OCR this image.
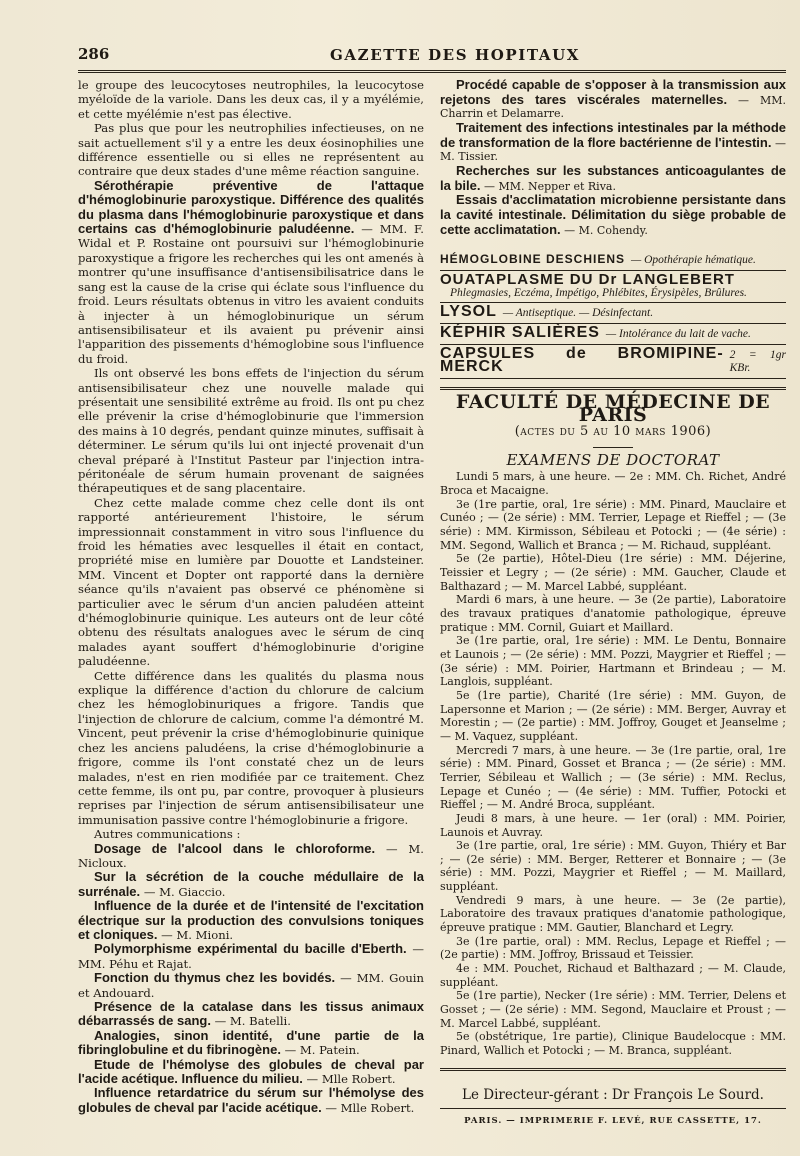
286	GAZETTE DES HOPITAUX

le groupe des leucocytoses neutrophiles, la leucocytose myéloïde de la variole. Dans les deux cas, il y a myélémie, et cette myélémie n'est pas élective.

Pas plus que pour les neutrophilies infectieuses, on ne sait actuellement s'il y a entre les deux éosinophilies une différence essentielle ou si elles ne représentent au contraire que deux stades d'une même réaction sanguine.

Sérothérapie préventive de l'attaque d'hémoglobinurie paroxystique. Différence des qualités du plasma dans l'hémoglobinurie paroxystique et dans certains cas d'hémoglobinurie paludéenne. — MM. F. Widal et P. Rostaine ont poursuivi sur l'hémoglobinurie paroxystique a frigore les recherches qui les ont amenés à montrer qu'une insuffisance d'antisensibilisatrice dans le sang est la cause de la crise qui éclate sous l'influence du froid. Leurs résultats obtenus in vitro les avaient conduits à injecter à un hémoglobinurique un sérum antisensibilisateur et ils avaient pu prévenir ainsi l'apparition des pissements d'hémoglobine sous l'influence du froid.

Ils ont observé les bons effets de l'injection du sérum antisensibilisateur chez une nouvelle malade qui présentait une sensibilité extrême au froid. Ils ont pu chez elle prévenir la crise d'hémoglobinurie que l'immersion des mains à 10 degrés, pendant quinze minutes, suffisait à déterminer. Le sérum qu'ils lui ont injecté provenait d'un cheval préparé à l'Institut Pasteur par l'injection intra-péritonéale de sérum humain provenant de saignées thérapeutiques et de sang placentaire.

Chez cette malade comme chez celle dont ils ont rapporté antérieurement l'histoire, le sérum impressionnait constamment in vitro sous l'influence du froid les hématies avec lesquelles il était en contact, propriété mise en lumière par Douotte et Landsteiner. MM. Vincent et Dopter ont rapporté dans la dernière séance qu'ils n'avaient pas observé ce phénomène si particulier avec le sérum d'un ancien paludéen atteint d'hémoglobinurie quinique. Les auteurs ont de leur côté obtenu des résultats analogues avec le sérum de cinq malades ayant souffert d'hémoglobinurie d'origine paludéenne.

Cette différence dans les qualités du plasma nous explique la différence d'action du chlorure de calcium chez les hémoglobinuriques a frigore. Tandis que l'injection de chlorure de calcium, comme l'a démontré M. Vincent, peut prévenir la crise d'hémoglobinurie quinique chez les anciens paludéens, la crise d'hémoglobinurie a frigore, comme ils l'ont constaté chez un de leurs malades, n'est en rien modifiée par ce traitement. Chez cette femme, ils ont pu, par contre, provoquer à plusieurs reprises par l'injection de sérum antisensibilisateur une immunisation passive contre l'hémoglobinurie a frigore.

Autres communications :

Dosage de l'alcool dans le chloroforme. — M. Nicloux.

Sur la sécrétion de la couche médullaire de la surrénale. — M. Giaccio.

Influence de la durée et de l'intensité de l'excitation électrique sur la production des convulsions toniques et cloniques. — M. Mioni.

Polymorphisme expérimental du bacille d'Eberth. — MM. Péhu et Rajat.

Fonction du thymus chez les bovidés. — MM. Gouin et Andouard.

Présence de la catalase dans les tissus animaux débarrassés de sang. — M. Batelli.

Analogies, sinon identité, d'une partie de la fibringlobuline et du fibrinogène. — M. Patein.

Etude de l'hémolyse des globules de cheval par l'acide acétique. Influence du milieu. — Mlle Robert.

Influence retardatrice du sérum sur l'hémolyse des globules de cheval par l'acide acétique. — Mlle Robert.

Procédé capable de s'opposer à la transmission aux rejetons des tares viscérales maternelles. — MM. Charrin et Delamarre.

Traitement des infections intestinales par la méthode de transformation de la flore bactérienne de l'intestin. — M. Tissier.

Recherches sur les substances anticoagulantes de la bile. — MM. Nepper et Riva.

Essais d'acclimatation microbienne persistante dans la cavité intestinale. Délimitation du siège probable de cette acclimatation. — M. Cohendy.

HÉMOGLOBINE DESCHIENS — Opothérapie hématique.
OUATAPLASME DU Dr LANGLEBERT
Phlegmasies, Eczéma, Impétigo, Phlébites, Érysipèles, Brûlures.
LYSOL — Antiseptique. — Désinfectant.
KÉPHIR SALIÈRES — Intolérance du lait de vache.
CAPSULES de BROMIPINE-MERCK
2 = 1gr KBr.
FACULTÉ DE MÉDECINE DE PARIS
(actes du 5 au 10 mars 1906)
EXAMENS DE DOCTORAT

Lundi 5 mars, à une heure. — 2e : MM. Ch. Richet, André Broca et Macaigne.

3e (1re partie, oral, 1re série) : MM. Pinard, Mauclaire et Cunéo ; — (2e série) : MM. Terrier, Lepage et Rieffel ; — (3e série) : MM. Kirmisson, Sébileau et Potocki ; — (4e série) : MM. Segond, Wallich et Branca ; — M. Richaud, suppléant.

5e (2e partie), Hôtel-Dieu (1re série) : MM. Déjerine, Teissier et Legry ; — (2e série) : MM. Gaucher, Claude et Balthazard ; — M. Marcel Labbé, suppléant.

Mardi 6 mars, à une heure. — 3e (2e partie), Laboratoire des travaux pratiques d'anatomie pathologique, épreuve pratique : MM. Cornil, Guiart et Maillard.

3e (1re partie, oral, 1re série) : MM. Le Dentu, Bonnaire et Launois ; — (2e série) : MM. Pozzi, Maygrier et Rieffel ; — (3e série) : MM. Poirier, Hartmann et Brindeau ; — M. Langlois, suppléant.

5e (1re partie), Charité (1re série) : MM. Guyon, de Lapersonne et Marion ; — (2e série) : MM. Berger, Auvray et Morestin ; — (2e partie) : MM. Joffroy, Gouget et Jeanselme ; — M. Vaquez, suppléant.

Mercredi 7 mars, à une heure. — 3e (1re partie, oral, 1re série) : MM. Pinard, Gosset et Branca ; — (2e série) : MM. Terrier, Sébileau et Wallich ; — (3e série) : MM. Reclus, Lepage et Cunéo ; — (4e série) : MM. Tuffier, Potocki et Rieffel ; — M. André Broca, suppléant.

Jeudi 8 mars, à une heure. — 1er (oral) : MM. Poirier, Launois et Auvray.

3e (1re partie, oral, 1re série) : MM. Guyon, Thiéry et Bar ; — (2e série) : MM. Berger, Retterer et Bonnaire ; — (3e série) : MM. Pozzi, Maygrier et Rieffel ; — M. Maillard, suppléant.

Vendredi 9 mars, à une heure. — 3e (2e partie), Laboratoire des travaux pratiques d'anatomie pathologique, épreuve pratique : MM. Gautier, Blanchard et Legry.

3e (1re partie, oral) : MM. Reclus, Lepage et Rieffel ; — (2e partie) : MM. Joffroy, Brissaud et Teissier.

4e : MM. Pouchet, Richaud et Balthazard ; — M. Claude, suppléant.

5e (1re partie), Necker (1re série) : MM. Terrier, Delens et Gosset ; — (2e série) : MM. Segond, Mauclaire et Proust ; — M. Marcel Labbé, suppléant.

5e (obstétrique, 1re partie), Clinique Baudelocque : MM. Pinard, Wallich et Potocki ; — M. Branca, suppléant.

Le Directeur-gérant : Dr François Le Sourd.
PARIS. — IMPRIMERIE F. LEVÉ, RUE CASSETTE, 17.
